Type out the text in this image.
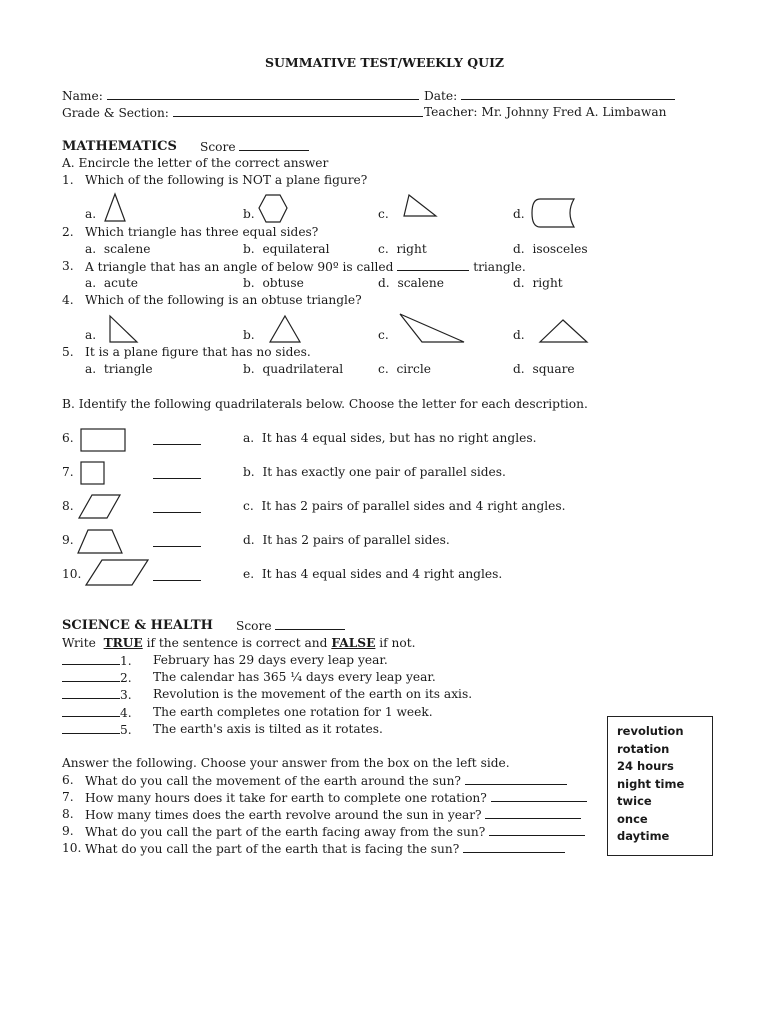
SUMMATIVE TEST/WEEKLY QUIZ
Name:	Date:
Grade & Section:	Teacher: Mr. Johnny Fred A. Limbawan
MATHEMATICS Score
A. Encircle the letter of the correct answer
1. Which of the following is NOT a plane figure?
a.	b.	c.	d.
2. Which triangle has three equal sides?
a. scalene	b. equilateral	c. right	d. isosceles
3. A triangle that has an angle of below 90º is called	triangle.
a. acute	b. obtuse	d. scalene	d. right
4. Which of the following is an obtuse triangle?
a.	b.	c.	d.
5. It is a plane figure that has no sides.
a. triangle	b. quadrilateral	c. circle	d. square
B. Identify the following quadrilaterals below. Choose the letter for each description.
6.	a. It has 4 equal sides, but has no right angles.
7.	b. It has exactly one pair of parallel sides.
8.	c. It has 2 pairs of parallel sides and 4 right angles.
9.	d. It has 2 pairs of parallel sides.
10.	e. It has 4 equal sides and 4 right angles.
SCIENCE & HEALTH Score
Write TRUE if the sentence is correct and FALSE if not.
1. February has 29 days every leap year.
2. The calendar has 365 ¼ days every leap year.
3. Revolution is the movement of the earth on its axis.
4. The earth completes one rotation for 1 week.
5. The earth's axis is tilted as it rotates.
Answer the following. Choose your answer from the box on the left side.
6. What do you call the movement of the earth around the sun?
7. How many hours does it take for earth to complete one rotation?
8. How many times does the earth revolve around the sun in year?
9. What do you call the part of the earth facing away from the sun?
10. What do you call the part of the earth that is facing the sun?
revolution
rotation
24 hours
night time
twice
once
daytime
